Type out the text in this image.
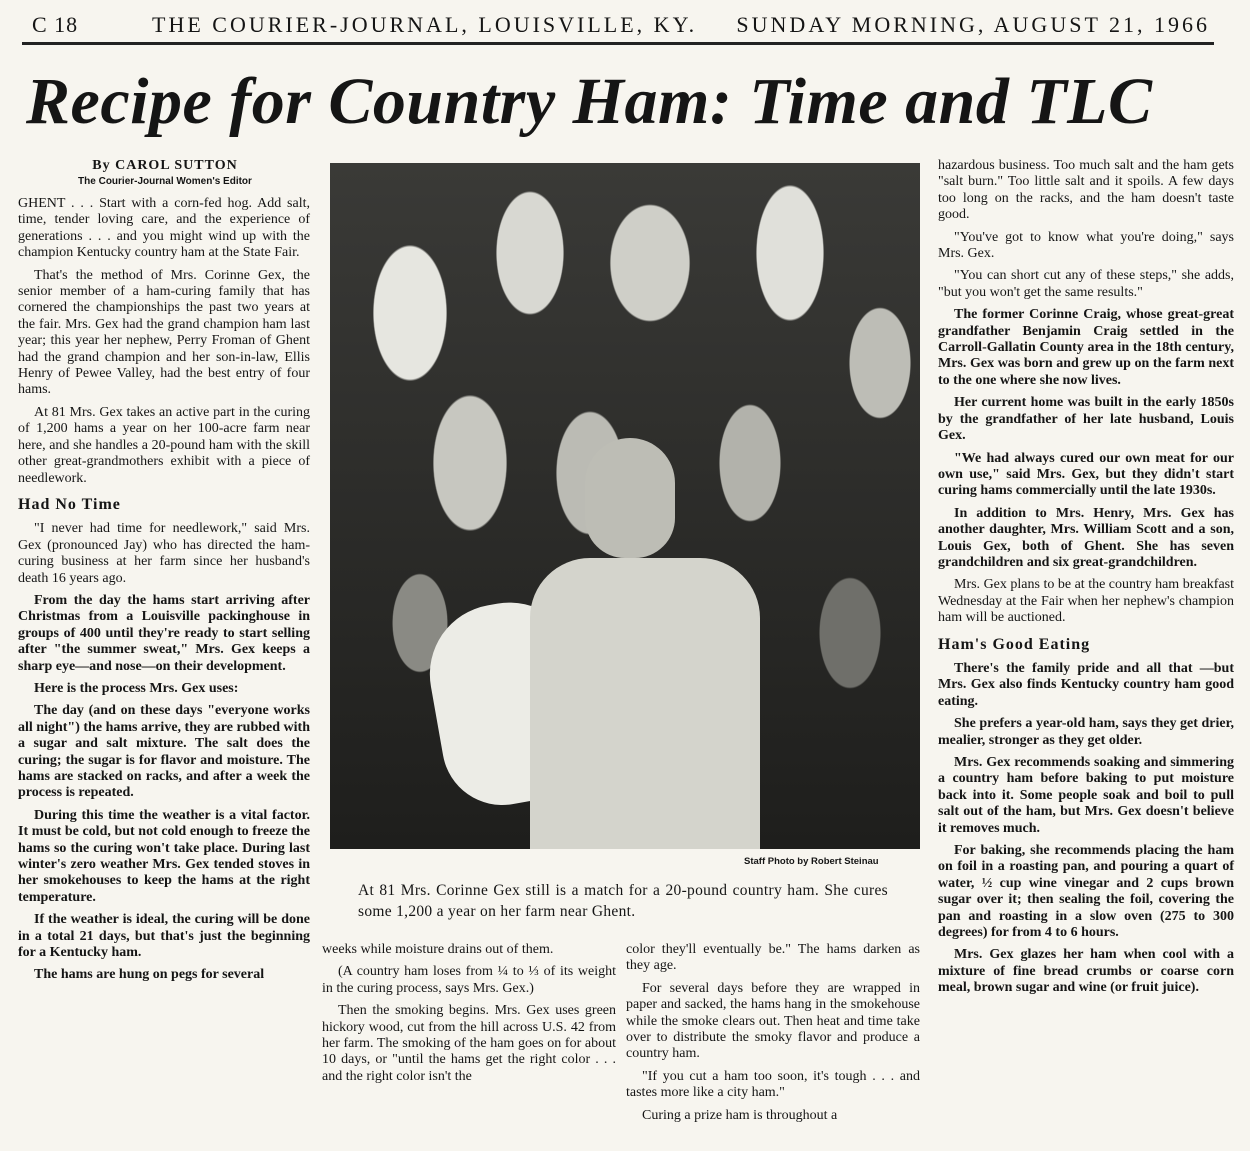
C 18	THE COURIER-JOURNAL, LOUISVILLE, KY. SUNDAY MORNING, AUGUST 21, 1966
Recipe for Country Ham: Time and TLC
By CAROL SUTTON
The Courier-Journal Women's Editor

GHENT . . . Start with a corn-fed hog. Add salt, time, tender loving care, and the experience of generations . . . and you might wind up with the champion Kentucky country ham at the State Fair.

That's the method of Mrs. Corinne Gex, the senior member of a ham-curing family that has cornered the championships the past two years at the fair. Mrs. Gex had the grand champion ham last year; this year her nephew, Perry Froman of Ghent had the grand champion and her son-in-law, Ellis Henry of Pewee Valley, had the best entry of four hams.

At 81 Mrs. Gex takes an active part in the curing of 1,200 hams a year on her 100-acre farm near here, and she handles a 20-pound ham with the skill other great-grandmothers exhibit with a piece of needlework.

Had No Time

"I never had time for needlework," said Mrs. Gex (pronounced Jay) who has directed the ham-curing business at her farm since her husband's death 16 years ago.

From the day the hams start arriving after Christmas from a Louisville packinghouse in groups of 400 until they're ready to start selling after "the summer sweat," Mrs. Gex keeps a sharp eye—and nose—on their development.

Here is the process Mrs. Gex uses:

The day (and on these days "everyone works all night") the hams arrive, they are rubbed with a sugar and salt mixture. The salt does the curing; the sugar is for flavor and moisture. The hams are stacked on racks, and after a week the process is repeated.

During this time the weather is a vital factor. It must be cold, but not cold enough to freeze the hams so the curing won't take place. During last winter's zero weather Mrs. Gex tended stoves in her smokehouses to keep the hams at the right temperature.

If the weather is ideal, the curing will be done in a total 21 days, but that's just the beginning for a Kentucky ham.

The hams are hung on pegs for several

Staff Photo by Robert Steinau
At 81 Mrs. Corinne Gex still is a match for a 20-pound country ham. She cures some 1,200 a year on her farm near Ghent.

weeks while moisture drains out of them.

(A country ham loses from ¼ to ⅓ of its weight in the curing process, says Mrs. Gex.)

Then the smoking begins. Mrs. Gex uses green hickory wood, cut from the hill across U.S. 42 from her farm. The smoking of the ham goes on for about 10 days, or "until the hams get the right color . . . and the right color isn't the

color they'll eventually be." The hams darken as they age.

For several days before they are wrapped in paper and sacked, the hams hang in the smokehouse while the smoke clears out. Then heat and time take over to distribute the smoky flavor and produce a country ham.

"If you cut a ham too soon, it's tough . . . and tastes more like a city ham."

Curing a prize ham is throughout a

hazardous business. Too much salt and the ham gets "salt burn." Too little salt and it spoils. A few days too long on the racks, and the ham doesn't taste good.

"You've got to know what you're doing," says Mrs. Gex.

"You can short cut any of these steps," she adds, "but you won't get the same results."

The former Corinne Craig, whose great-great grandfather Benjamin Craig settled in the Carroll-Gallatin County area in the 18th century, Mrs. Gex was born and grew up on the farm next to the one where she now lives.

Her current home was built in the early 1850s by the grandfather of her late husband, Louis Gex.

"We had always cured our own meat for our own use," said Mrs. Gex, but they didn't start curing hams commercially until the late 1930s.

In addition to Mrs. Henry, Mrs. Gex has another daughter, Mrs. William Scott and a son, Louis Gex, both of Ghent. She has seven grandchildren and six great-grandchildren.

Mrs. Gex plans to be at the country ham breakfast Wednesday at the Fair when her nephew's champion ham will be auctioned.

Ham's Good Eating

There's the family pride and all that —but Mrs. Gex also finds Kentucky country ham good eating.

She prefers a year-old ham, says they get drier, mealier, stronger as they get older.

Mrs. Gex recommends soaking and simmering a country ham before baking to put moisture back into it. Some people soak and boil to pull salt out of the ham, but Mrs. Gex doesn't believe it removes much.

For baking, she recommends placing the ham on foil in a roasting pan, and pouring a quart of water, ½ cup wine vinegar and 2 cups brown sugar over it; then sealing the foil, covering the pan and roasting in a slow oven (275 to 300 degrees) for from 4 to 6 hours.

Mrs. Gex glazes her ham when cool with a mixture of fine bread crumbs or coarse corn meal, brown sugar and wine (or fruit juice).
